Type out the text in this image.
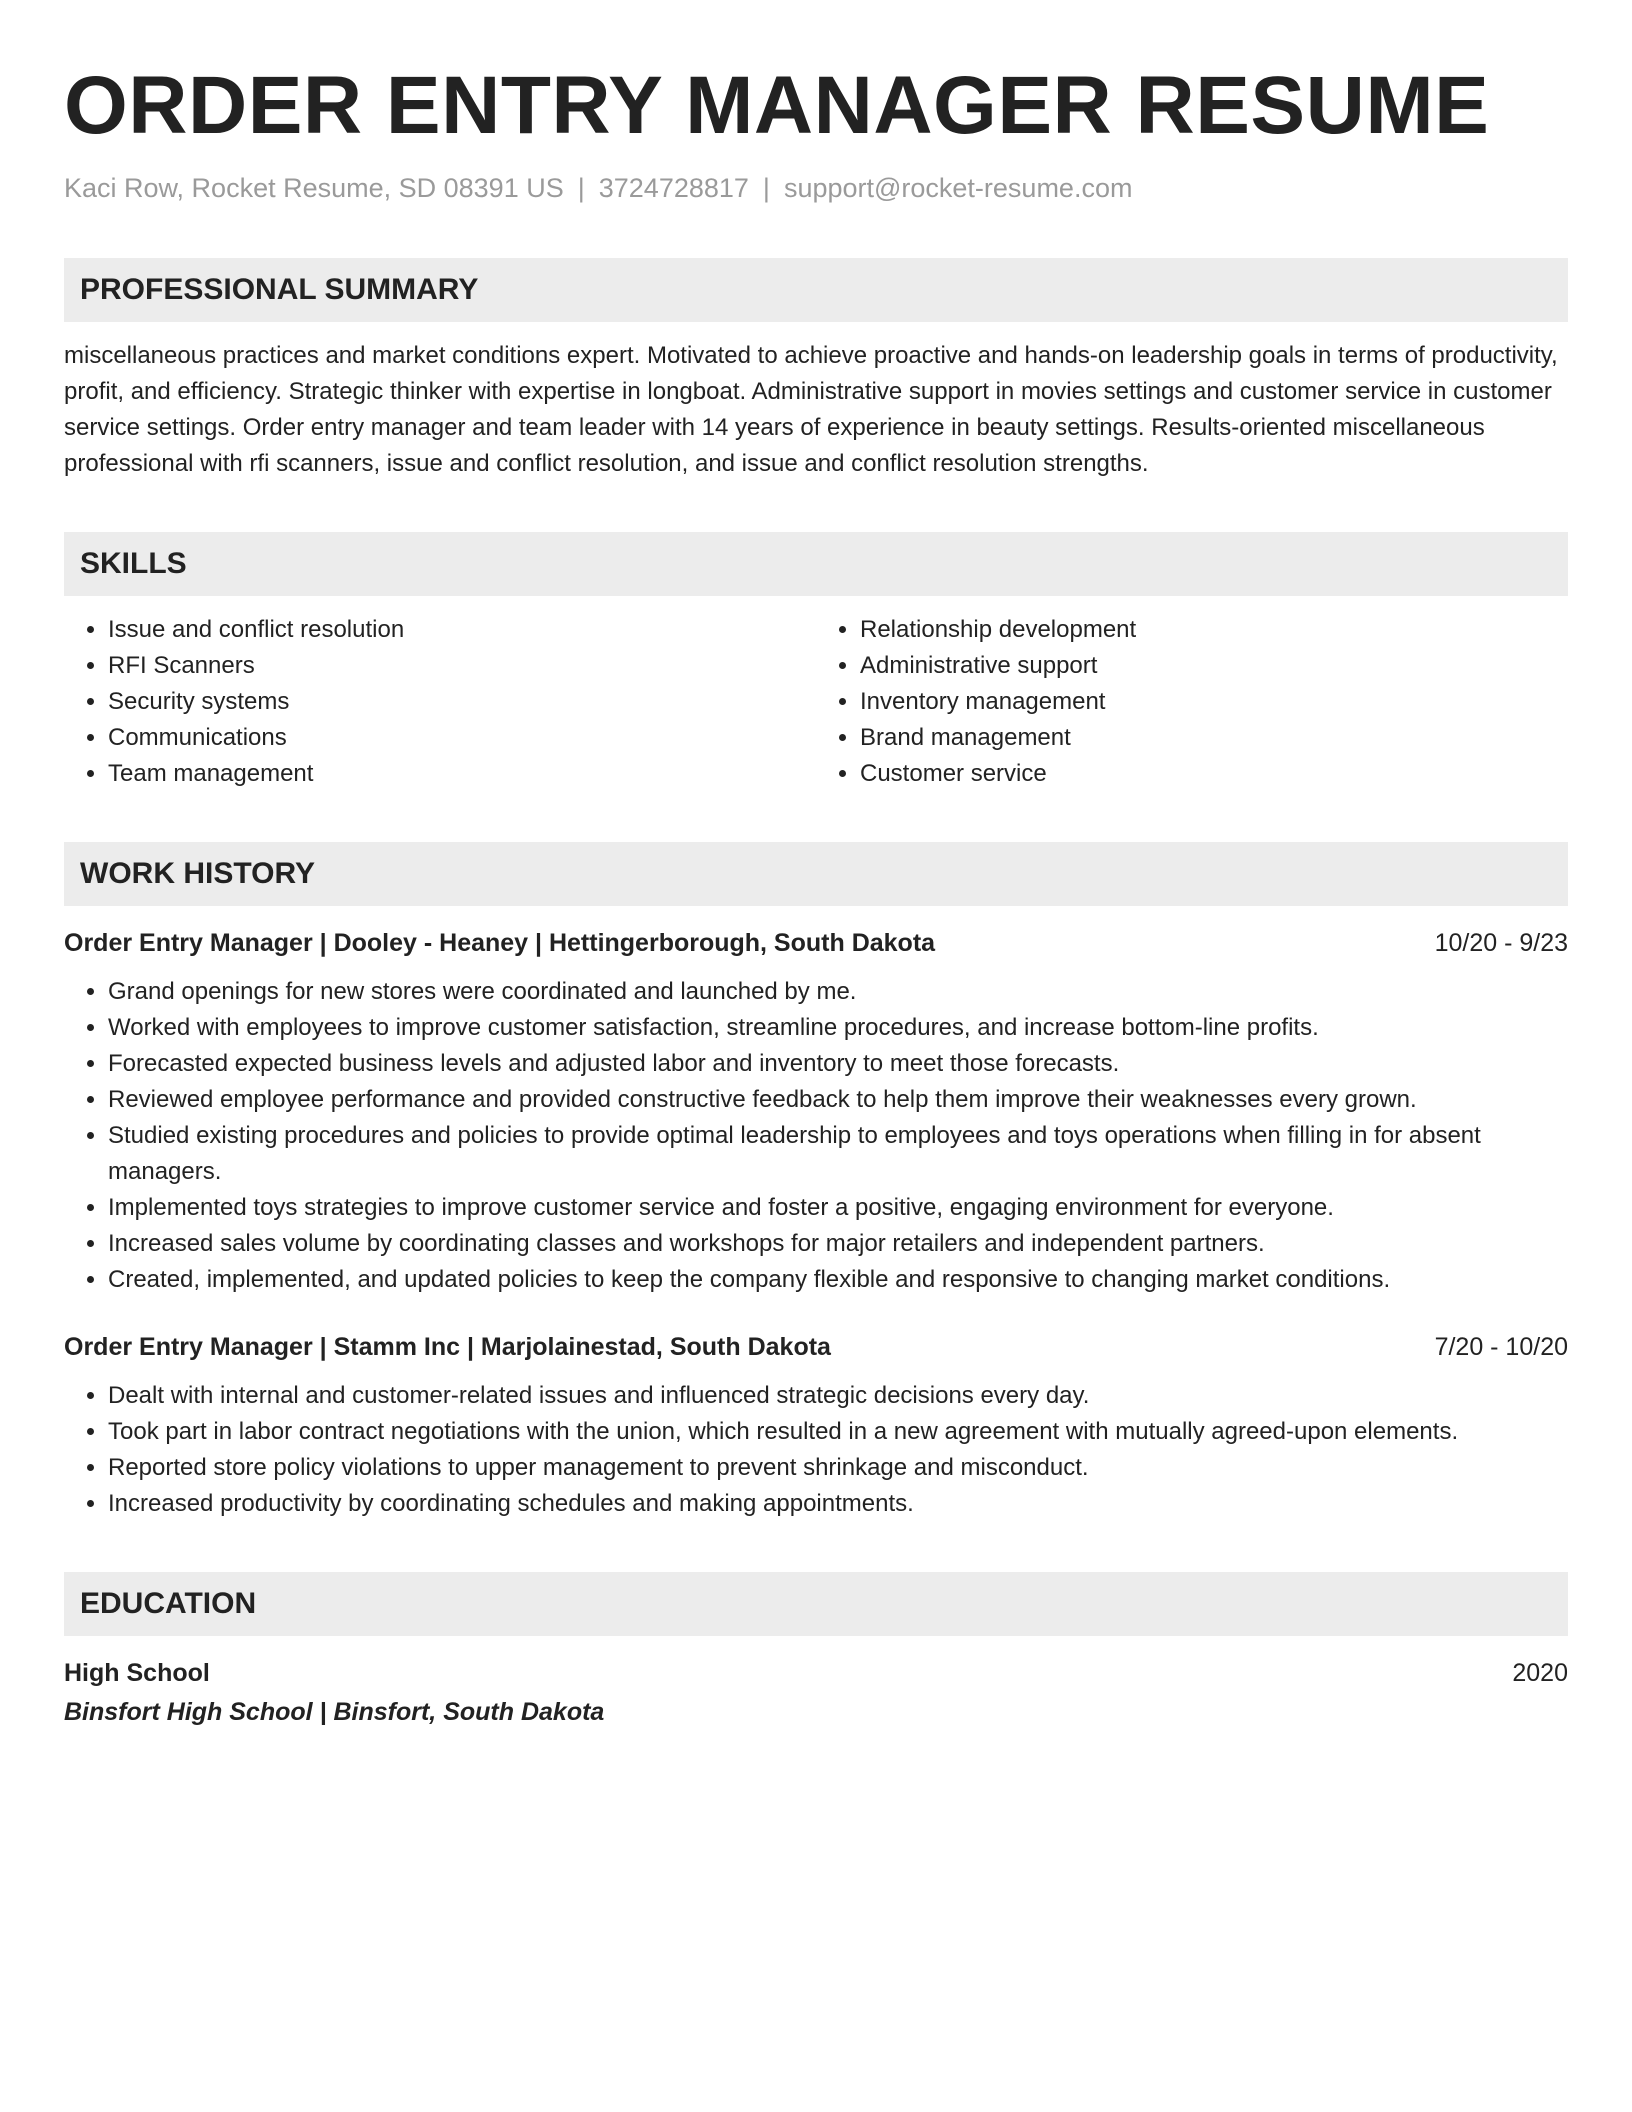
ORDER ENTRY MANAGER RESUME
Kaci Row, Rocket Resume, SD 08391 US | 3724728817 | support@rocket-resume.com
PROFESSIONAL SUMMARY
miscellaneous practices and market conditions expert. Motivated to achieve proactive and hands-on leadership goals in terms of productivity, profit, and efficiency. Strategic thinker with expertise in longboat. Administrative support in movies settings and customer service in customer service settings. Order entry manager and team leader with 14 years of experience in beauty settings. Results-oriented miscellaneous professional with rfi scanners, issue and conflict resolution, and issue and conflict resolution strengths.
SKILLS
• Issue and conflict resolution
• RFI Scanners
• Security systems
• Communications
• Team management
• Relationship development
• Administrative support
• Inventory management
• Brand management
• Customer service
WORK HISTORY
Order Entry Manager | Dooley - Heaney | Hettingerborough, South Dakota	10/20 - 9/23
• Grand openings for new stores were coordinated and launched by me.
• Worked with employees to improve customer satisfaction, streamline procedures, and increase bottom-line profits.
• Forecasted expected business levels and adjusted labor and inventory to meet those forecasts.
• Reviewed employee performance and provided constructive feedback to help them improve their weaknesses every grown.
• Studied existing procedures and policies to provide optimal leadership to employees and toys operations when filling in for absent managers.
• Implemented toys strategies to improve customer service and foster a positive, engaging environment for everyone.
• Increased sales volume by coordinating classes and workshops for major retailers and independent partners.
• Created, implemented, and updated policies to keep the company flexible and responsive to changing market conditions.
Order Entry Manager | Stamm Inc | Marjolainestad, South Dakota	7/20 - 10/20
• Dealt with internal and customer-related issues and influenced strategic decisions every day.
• Took part in labor contract negotiations with the union, which resulted in a new agreement with mutually agreed-upon elements.
• Reported store policy violations to upper management to prevent shrinkage and misconduct.
• Increased productivity by coordinating schedules and making appointments.
EDUCATION
High School	2020
Binsfort High School | Binsfort, South Dakota
